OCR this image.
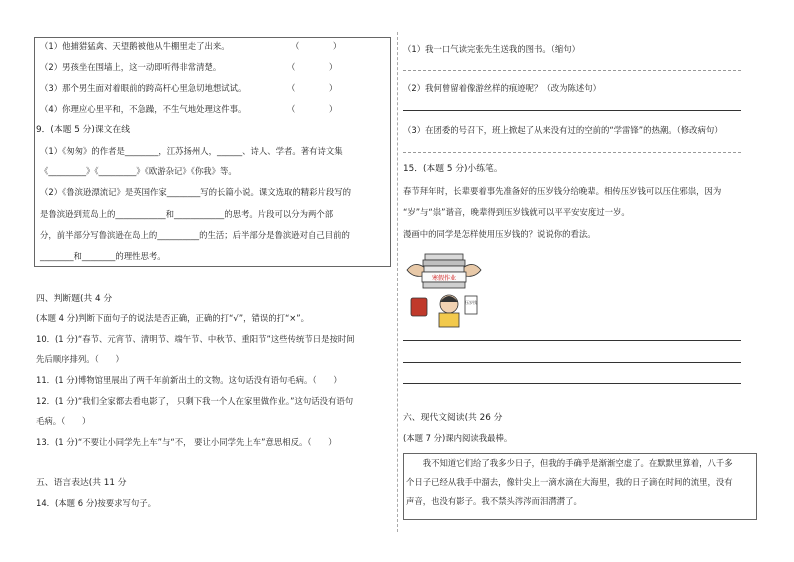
（1）他捕猎猛禽、天望鹅被他从牛棚里走了出来。	（　　　　）
（2）男孩坐在围墙上，这一动即听得非常清楚。	（　　　　）
（3）那个男生面对着眼前的跨高杆心里急切地想试试。	（　　　　）
（4）你理应心里平和，不急躁，不生气地处理这件事。	（　　　　）
9．(本题 5 分)课文在线
（1）《匆匆》的作者是________，江苏扬州人，______、诗人、学者。著有诗文集
《_________》《_________》《欧游杂记》《你我》等。
（2）《鲁滨逊漂流记》是英国作家________写的长篇小说。课文选取的精彩片段写的
是鲁滨逊到荒岛上的____________和____________的思考。片段可以分为两个部
分，前半部分写鲁滨逊在岛上的__________的生活；后半部分是鲁滨逊对自己目前的
________和________的理性思考。
四、判断题(共 4 分
(本题 4 分)判断下面句子的说法是否正确，正确的打“√”，错误的打“×”。
10．(1 分)“春节、元宵节、清明节、端午节、中秋节、重阳节”这些传统节日是按时间
先后顺序排列。（　　）
11．(1 分)博物馆里展出了两千年前新出土的文物。这句话没有语句毛病。（　　）
12．(1 分)“我们全家都去看电影了， 只剩下我一个人在家里做作业。”这句话没有语句
毛病。（　　）
13．(1 分)“不要让小同学先上车”与“不， 要让小同学先上车”意思相反。（　　）
五、语言表达(共 11 分
14．(本题 6 分)按要求写句子。
（1）我一口气读完张先生送我的图书。（缩句）
（2）我何曾留着像游丝样的痕迹呢？（改为陈述句）
（3）在团委的号召下，班上掀起了从来没有过的空前的“学雷锋”的热潮。（修改病句）
15．(本题 5 分)小练笔。
春节拜年时，长辈要着事先准备好的压岁钱分给晚辈。相传压岁钱可以压住邪祟，因为
“岁”与“祟”谐音，晚辈得到压岁钱就可以平平安安度过一岁。
漫画中的同学是怎样使用压岁钱的？说说你的看法。
寒假作业
压岁钱
六、现代文阅读(共 26 分
(本题 7 分)课内阅读我最棒。
　　我不知道它们给了我多少日子，但我的手确乎是渐渐空虚了。在默默里算着，八千多
个日子已经从我手中溜去，像针尖上一滴水滴在大海里，我的日子滴在时间的流里，没有
声音，也没有影子。我不禁头涔涔而泪潸潸了。
